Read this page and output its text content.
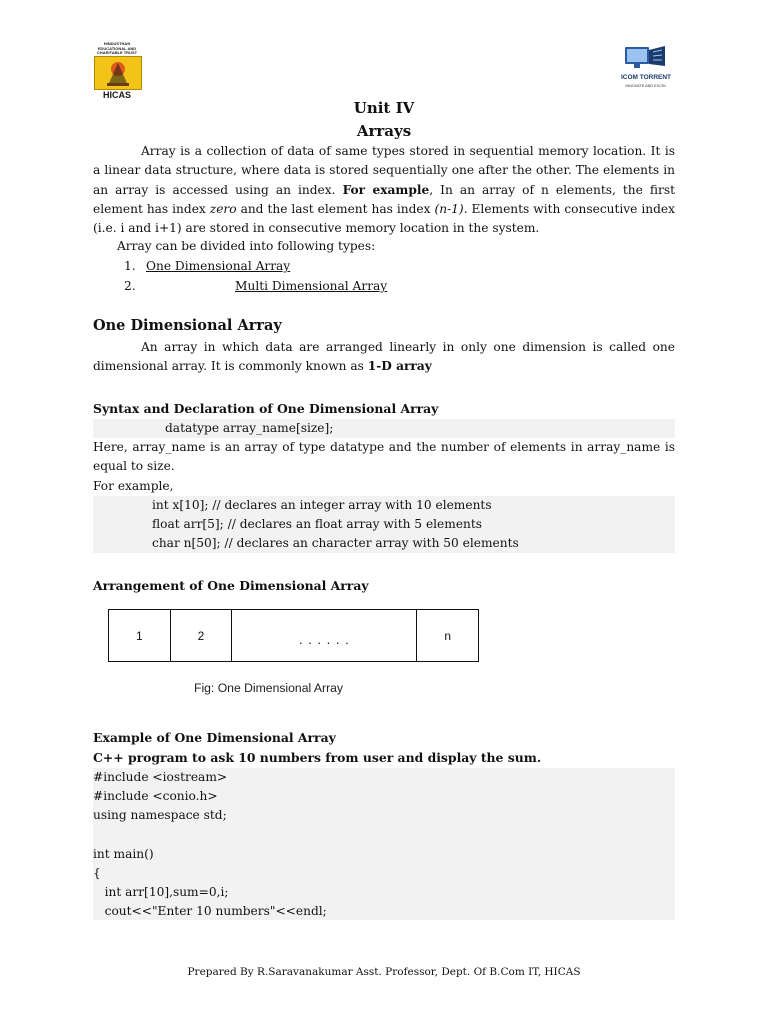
HINDUSTHAN EDUCATIONAL AND CHARITABLE TRUST
HICAS
ICOM TORRENT
INNOVATE AND EXCEL
Unit IV
Arrays
Array is a collection of data of same types stored in sequential memory location. It is a linear data structure, where data is stored sequentially one after the other. The elements in an array is accessed using an index. For example, In an array of n elements, the first element has index zero and the last element has index (n-1). Elements with consecutive index (i.e. i and i+1) are stored in consecutive memory location in the system.
Array can be divided into following types:
1. One Dimensional Array
2.	Multi Dimensional Array
One Dimensional Array
An array in which data are arranged linearly in only one dimension is called one dimensional array. It is commonly known as 1-D array
Syntax and Declaration of One Dimensional Array
datatype array_name[size];
Here, array_name is an array of type datatype and the number of elements in array_name is equal to size.
For example,
int x[10]; // declares an integer array with 10 elements
float arr[5]; // declares an float array with 5 elements
char n[50]; // declares an character array with 50 elements
Arrangement of One Dimensional Array
1	2	. . . . . .	n
Fig: One Dimensional Array
Example of One Dimensional Array
C++ program to ask 10 numbers from user and display the sum.
#include <iostream>
#include <conio.h>
using namespace std;
int main()
{
int arr[10],sum=0,i;
cout<<"Enter 10 numbers"<<endl;
Prepared By R.Saravanakumar Asst. Professor, Dept. Of B.Com IT, HICAS
